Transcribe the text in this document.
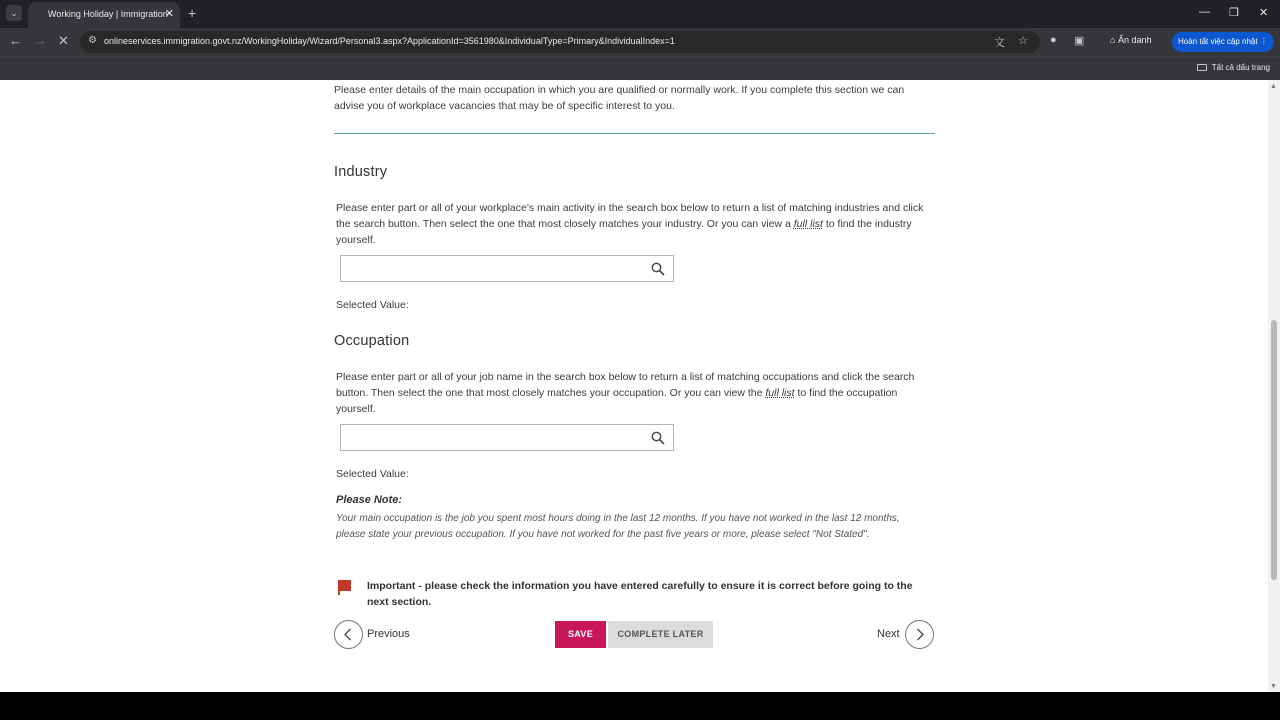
⌄	Working Holiday | Immigration
✕ +	— ❐ ✕
← → ✕ ⚙ onlineservices.immigration.govt.nz/WorkingHoliday/Wizard/Personal3.aspx?ApplicationId=3561980&IndividualType=Primary&IndividualIndex=1	文 ☆ ● ▣	⌂ Ẩn danh	Hoàn tất việc cập nhật ⋮
Tất cả dấu trang

Please enter details of the main occupation in which you are qualified or normally work. If you complete this section we can advise you of workplace vacancies that may be of specific interest to you.

Industry

Please enter part or all of your workplace's main activity in the search box below to return a list of matching industries and click the search button. Then select the one that most closely matches your industry. Or you can view a full list to find the industry yourself.

Selected Value:
Occupation

Please enter part or all of your job name in the search box below to return a list of matching occupations and click the search button. Then select the one that most closely matches your occupation. Or you can view the full list to find the occupation yourself.

Selected Value:
Please Note:

Your main occupation is the job you spent most hours doing in the last 12 months. If you have not worked in the last 12 months, please state your previous occupation. If you have not worked for the past five years or more, please select "Not Stated".

Important - please check the information you have entered carefully to ensure it is correct before going to the next section.

Previous	SAVE	COMPLETE LATER	Next
▲
▼
